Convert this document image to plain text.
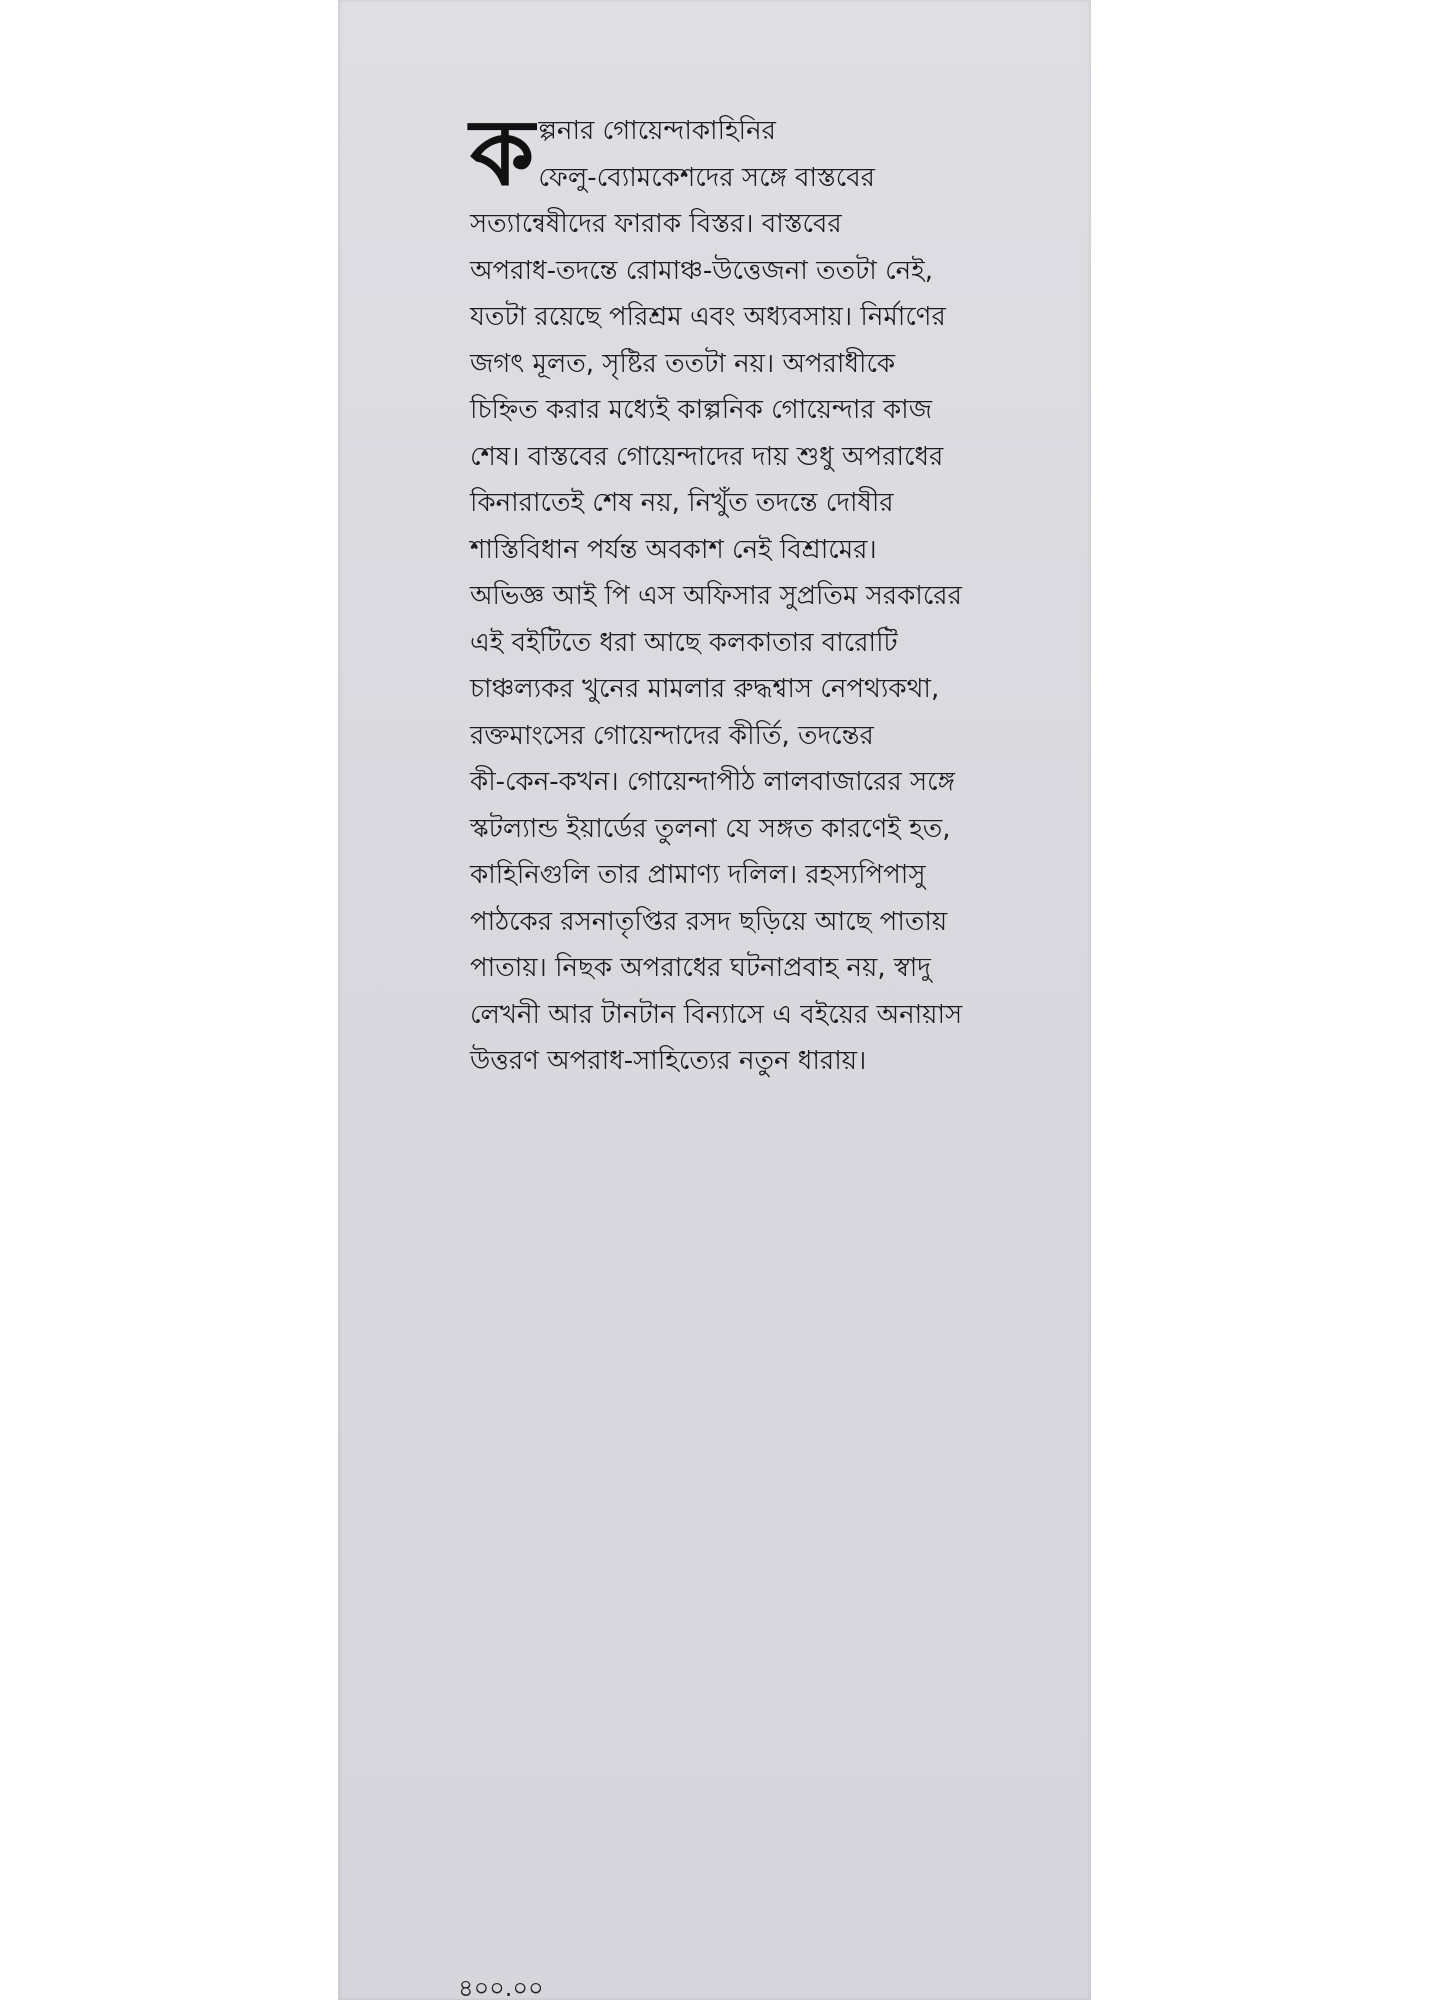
ক ল্পনার গোয়েন্দাকাহিনির
ফেলু-ব্যোমকেশদের সঙ্গে বাস্তবের
সত্যান্বেষীদের ফারাক বিস্তর। বাস্তবের
অপরাধ-তদন্তে রোমাঞ্চ-উত্তেজনা ততটা নেই,
যতটা রয়েছে পরিশ্রম এবং অধ্যবসায়। নির্মাণের
জগৎ মূলত, সৃষ্টির ততটা নয়। অপরাধীকে
চিহ্নিত করার মধ্যেই কাল্পনিক গোয়েন্দার কাজ
শেষ। বাস্তবের গোয়েন্দাদের দায় শুধু অপরাধের
কিনারাতেই শেষ নয়, নিখুঁত তদন্তে দোষীর
শাস্তিবিধান পর্যন্ত অবকাশ নেই বিশ্রামের।
অভিজ্ঞ আই পি এস অফিসার সুপ্রতিম সরকারের
এই বইটিতে ধরা আছে কলকাতার বারোটি
চাঞ্চল্যকর খুনের মামলার রুদ্ধশ্বাস নেপথ্যকথা,
রক্তমাংসের গোয়েন্দাদের কীর্তি, তদন্তের
কী-কেন-কখন। গোয়েন্দাপীঠ লালবাজারের সঙ্গে
স্কটল্যান্ড ইয়ার্ডের তুলনা যে সঙ্গত কারণেই হত,
কাহিনিগুলি তার প্রামাণ্য দলিল। রহস্যপিপাসু
পাঠকের রসনাতৃপ্তির রসদ ছড়িয়ে আছে পাতায়
পাতায়। নিছক অপরাধের ঘটনাপ্রবাহ নয়, স্বাদু
লেখনী আর টানটান বিন্যাসে এ বইয়ের অনায়াস
উত্তরণ অপরাধ-সাহিত্যের নতুন ধারায়।
৪০০.০০
